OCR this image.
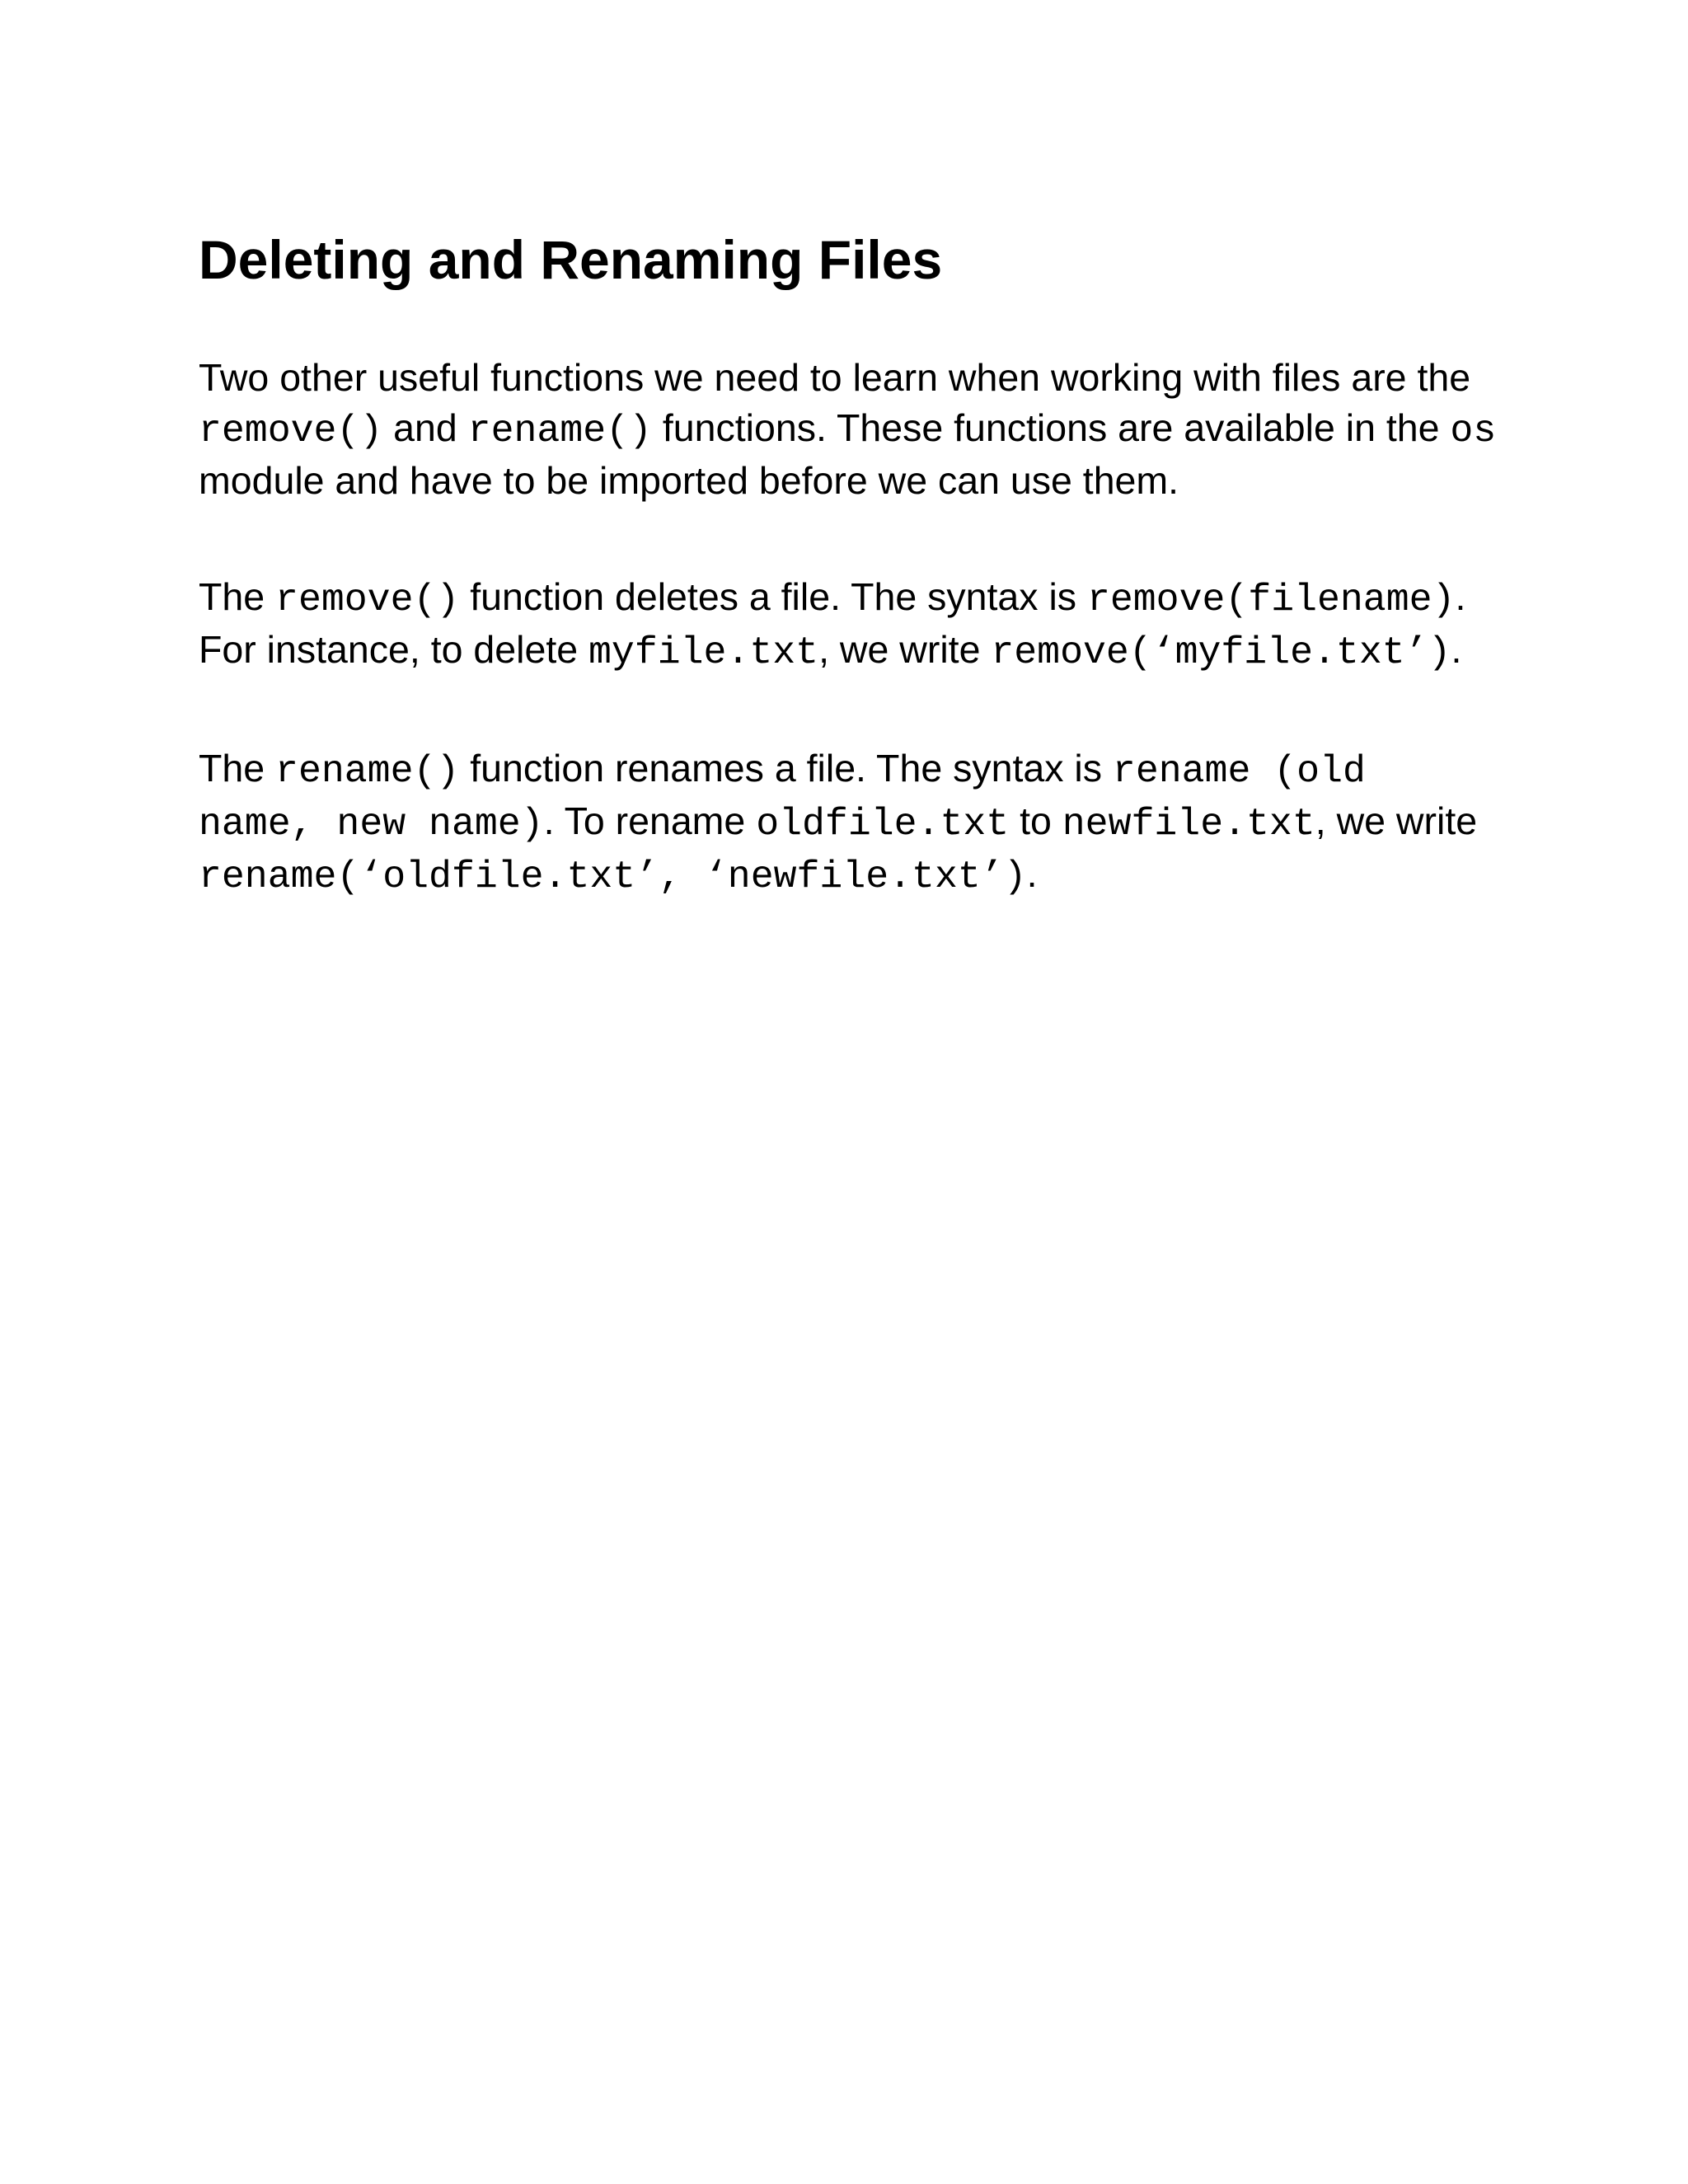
Deleting and Renaming Files

Two other useful functions we need to learn when working with files are the remove() and rename() functions. These functions are available in the os module and have to be imported before we can use them.

The remove() function deletes a file. The syntax is remove(filename). For instance, to delete myfile.txt, we write remove(‘myfile.txt’).

The rename() function renames a file. The syntax is rename (old name, new name). To rename oldfile.txt to newfile.txt, we write rename(‘oldfile.txt’, ‘newfile.txt’).
